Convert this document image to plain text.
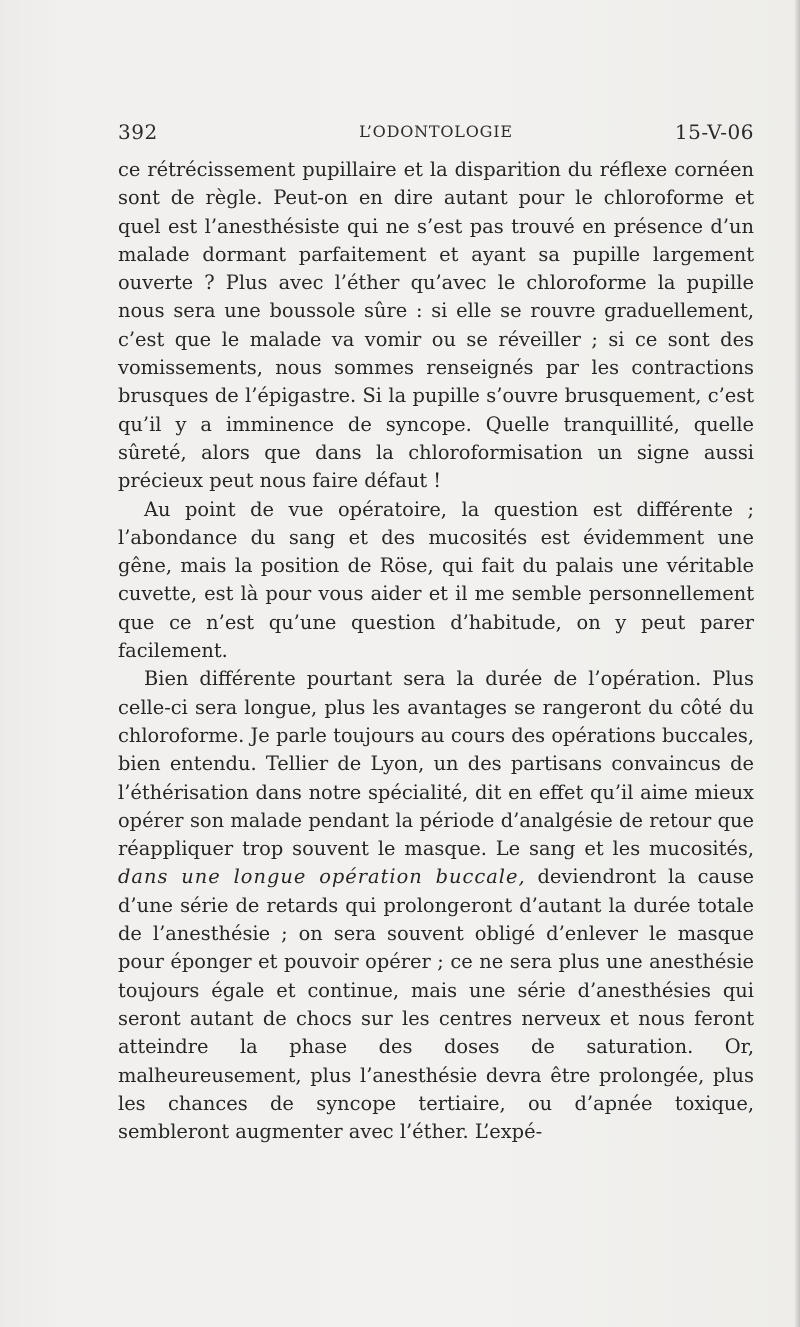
392	L’ODONTOLOGIE	15-V-06

ce rétrécissement pupillaire et la disparition du réflexe cornéen sont de règle. Peut-on en dire autant pour le chloroforme et quel est l’anesthésiste qui ne s’est pas trouvé en présence d’un malade dormant parfaitement et ayant sa pupille largement ouverte ? Plus avec l’éther qu’avec le chloroforme la pupille nous sera une boussole sûre : si elle se rouvre graduellement, c’est que le malade va vomir ou se réveiller ; si ce sont des vomissements, nous sommes renseignés par les contractions brusques de l’épigastre. Si la pupille s’ouvre brusquement, c’est qu’il y a imminence de syncope. Quelle tranquillité, quelle sûreté, alors que dans la chloroformisation un signe aussi précieux peut nous faire défaut !

Au point de vue opératoire, la question est différente ; l’abondance du sang et des mucosités est évidemment une gêne, mais la position de Röse, qui fait du palais une véritable cuvette, est là pour vous aider et il me semble personnellement que ce n’est qu’une question d’habitude, on y peut parer facilement.

Bien différente pourtant sera la durée de l’opération. Plus celle-ci sera longue, plus les avantages se rangeront du côté du chloroforme. Je parle toujours au cours des opérations buccales, bien entendu. Tellier de Lyon, un des partisans convaincus de l’éthérisation dans notre spécialité, dit en effet qu’il aime mieux opérer son malade pendant la période d’analgésie de retour que réappliquer trop souvent le masque. Le sang et les mucosités, dans une longue opération buccale, deviendront la cause d’une série de retards qui prolongeront d’autant la durée totale de l’anesthésie ; on sera souvent obligé d’enlever le masque pour éponger et pouvoir opérer ; ce ne sera plus une anesthésie toujours égale et continue, mais une série d’anesthésies qui seront autant de chocs sur les centres nerveux et nous feront atteindre la phase des doses de saturation. Or, malheureusement, plus l’anesthésie devra être prolongée, plus les chances de syncope tertiaire, ou d’apnée toxique, sembleront augmenter avec l’éther. L’expé-
